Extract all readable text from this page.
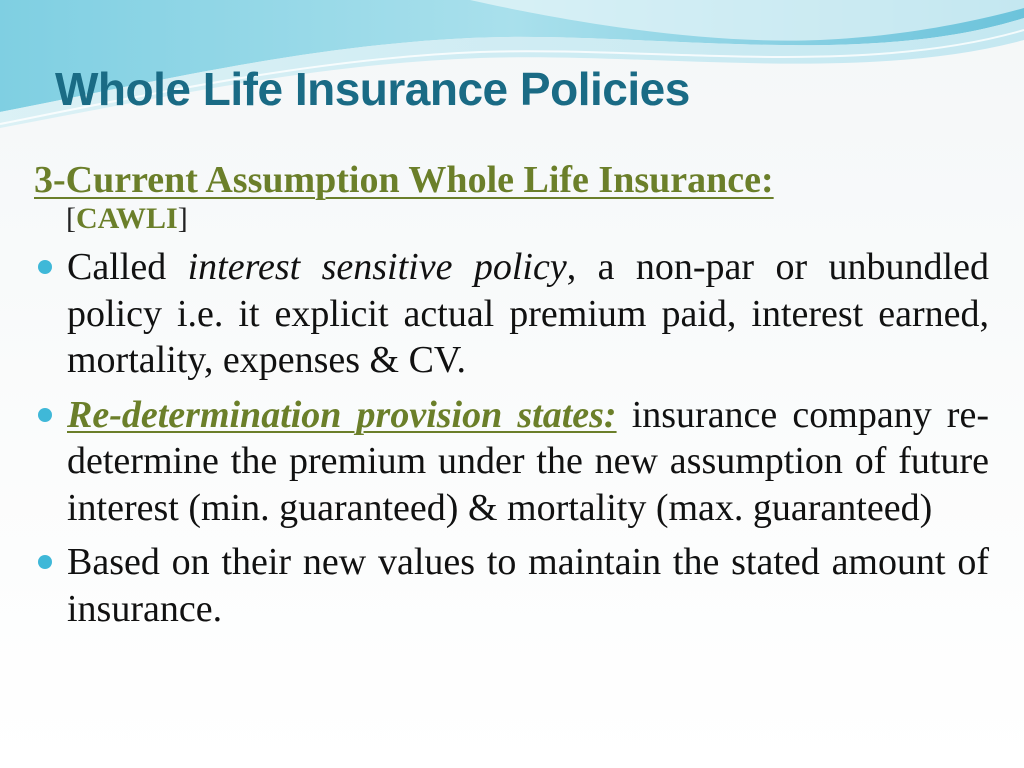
Whole Life Insurance Policies
3-Current Assumption Whole Life Insurance:
[CAWLI]
Called interest sensitive policy, a non-par or unbundled policy i.e. it explicit actual premium paid, interest earned, mortality, expenses & CV.
Re-determination provision states: insurance company re-determine the premium under the new assumption of future interest (min. guaranteed) & mortality (max. guaranteed)
Based on their new values to maintain the stated amount of insurance.
